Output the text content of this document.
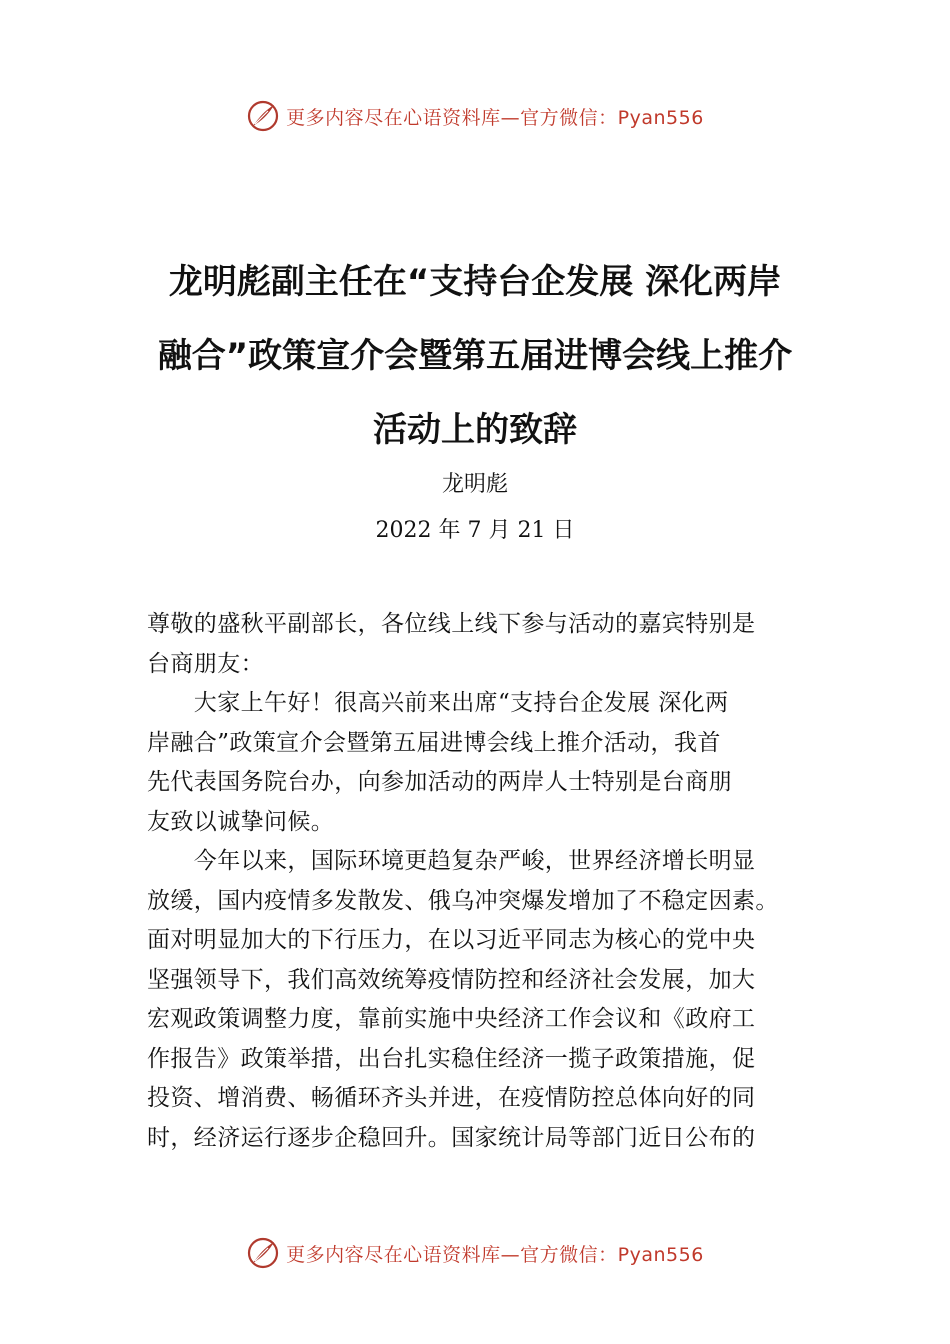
更多内容尽在心语资料库—官方微信：Pyan556
龙明彪副主任在“支持台企发展 深化两岸
融合”政策宣介会暨第五届进博会线上推介
活动上的致辞
龙明彪
2022 年 7 月 21 日
尊敬的盛秋平副部长，各位线上线下参与活动的嘉宾特别是
台商朋友：
　　大家上午好！很高兴前来出席“支持台企发展 深化两
岸融合”政策宣介会暨第五届进博会线上推介活动，我首
先代表国务院台办，向参加活动的两岸人士特别是台商朋
友致以诚挚问候。
　　今年以来，国际环境更趋复杂严峻，世界经济增长明显
放缓，国内疫情多发散发、俄乌冲突爆发增加了不稳定因素。
面对明显加大的下行压力，在以习近平同志为核心的党中央
坚强领导下，我们高效统筹疫情防控和经济社会发展，加大
宏观政策调整力度，靠前实施中央经济工作会议和《政府工
作报告》政策举措，出台扎实稳住经济一揽子政策措施，促
投资、增消费、畅循环齐头并进，在疫情防控总体向好的同
时，经济运行逐步企稳回升。国家统计局等部门近日公布的
更多内容尽在心语资料库—官方微信：Pyan556
